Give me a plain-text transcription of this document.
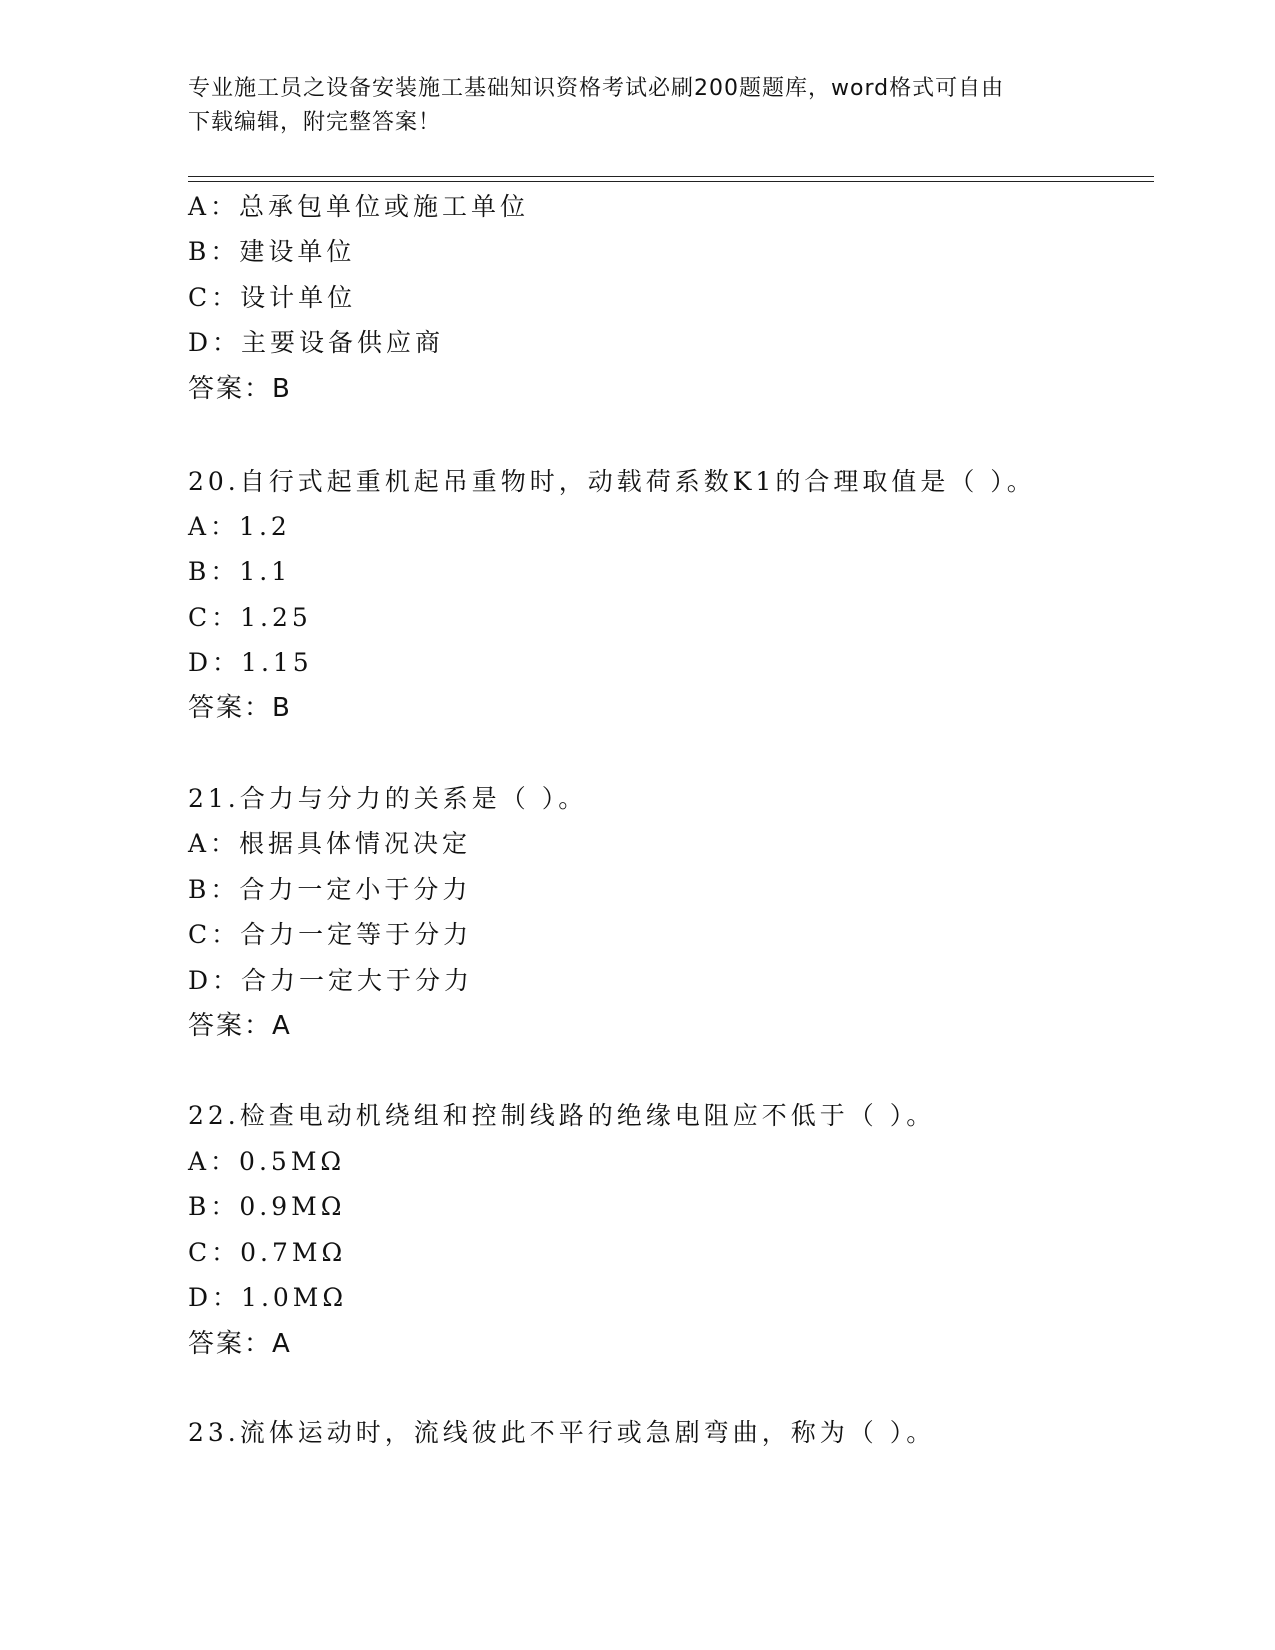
专业施工员之设备安装施工基础知识资格考试必刷200题题库，word格式可自由
下载编辑，附完整答案！
A：总承包单位或施工单位
B：建设单位
C：设计单位
D：主要设备供应商
答案：B
20.自行式起重机起吊重物时，动载荷系数K1的合理取值是（ ）。
A：1.2
B：1.1
C：1.25
D：1.15
答案：B
21.合力与分力的关系是（ ）。
A：根据具体情况决定
B：合力一定小于分力
C：合力一定等于分力
D：合力一定大于分力
答案：A
22.检查电动机绕组和控制线路的绝缘电阻应不低于（ ）。
A：0.5MΩ
B：0.9MΩ
C：0.7MΩ
D：1.0MΩ
答案：A
23.流体运动时，流线彼此不平行或急剧弯曲，称为（ ）。
